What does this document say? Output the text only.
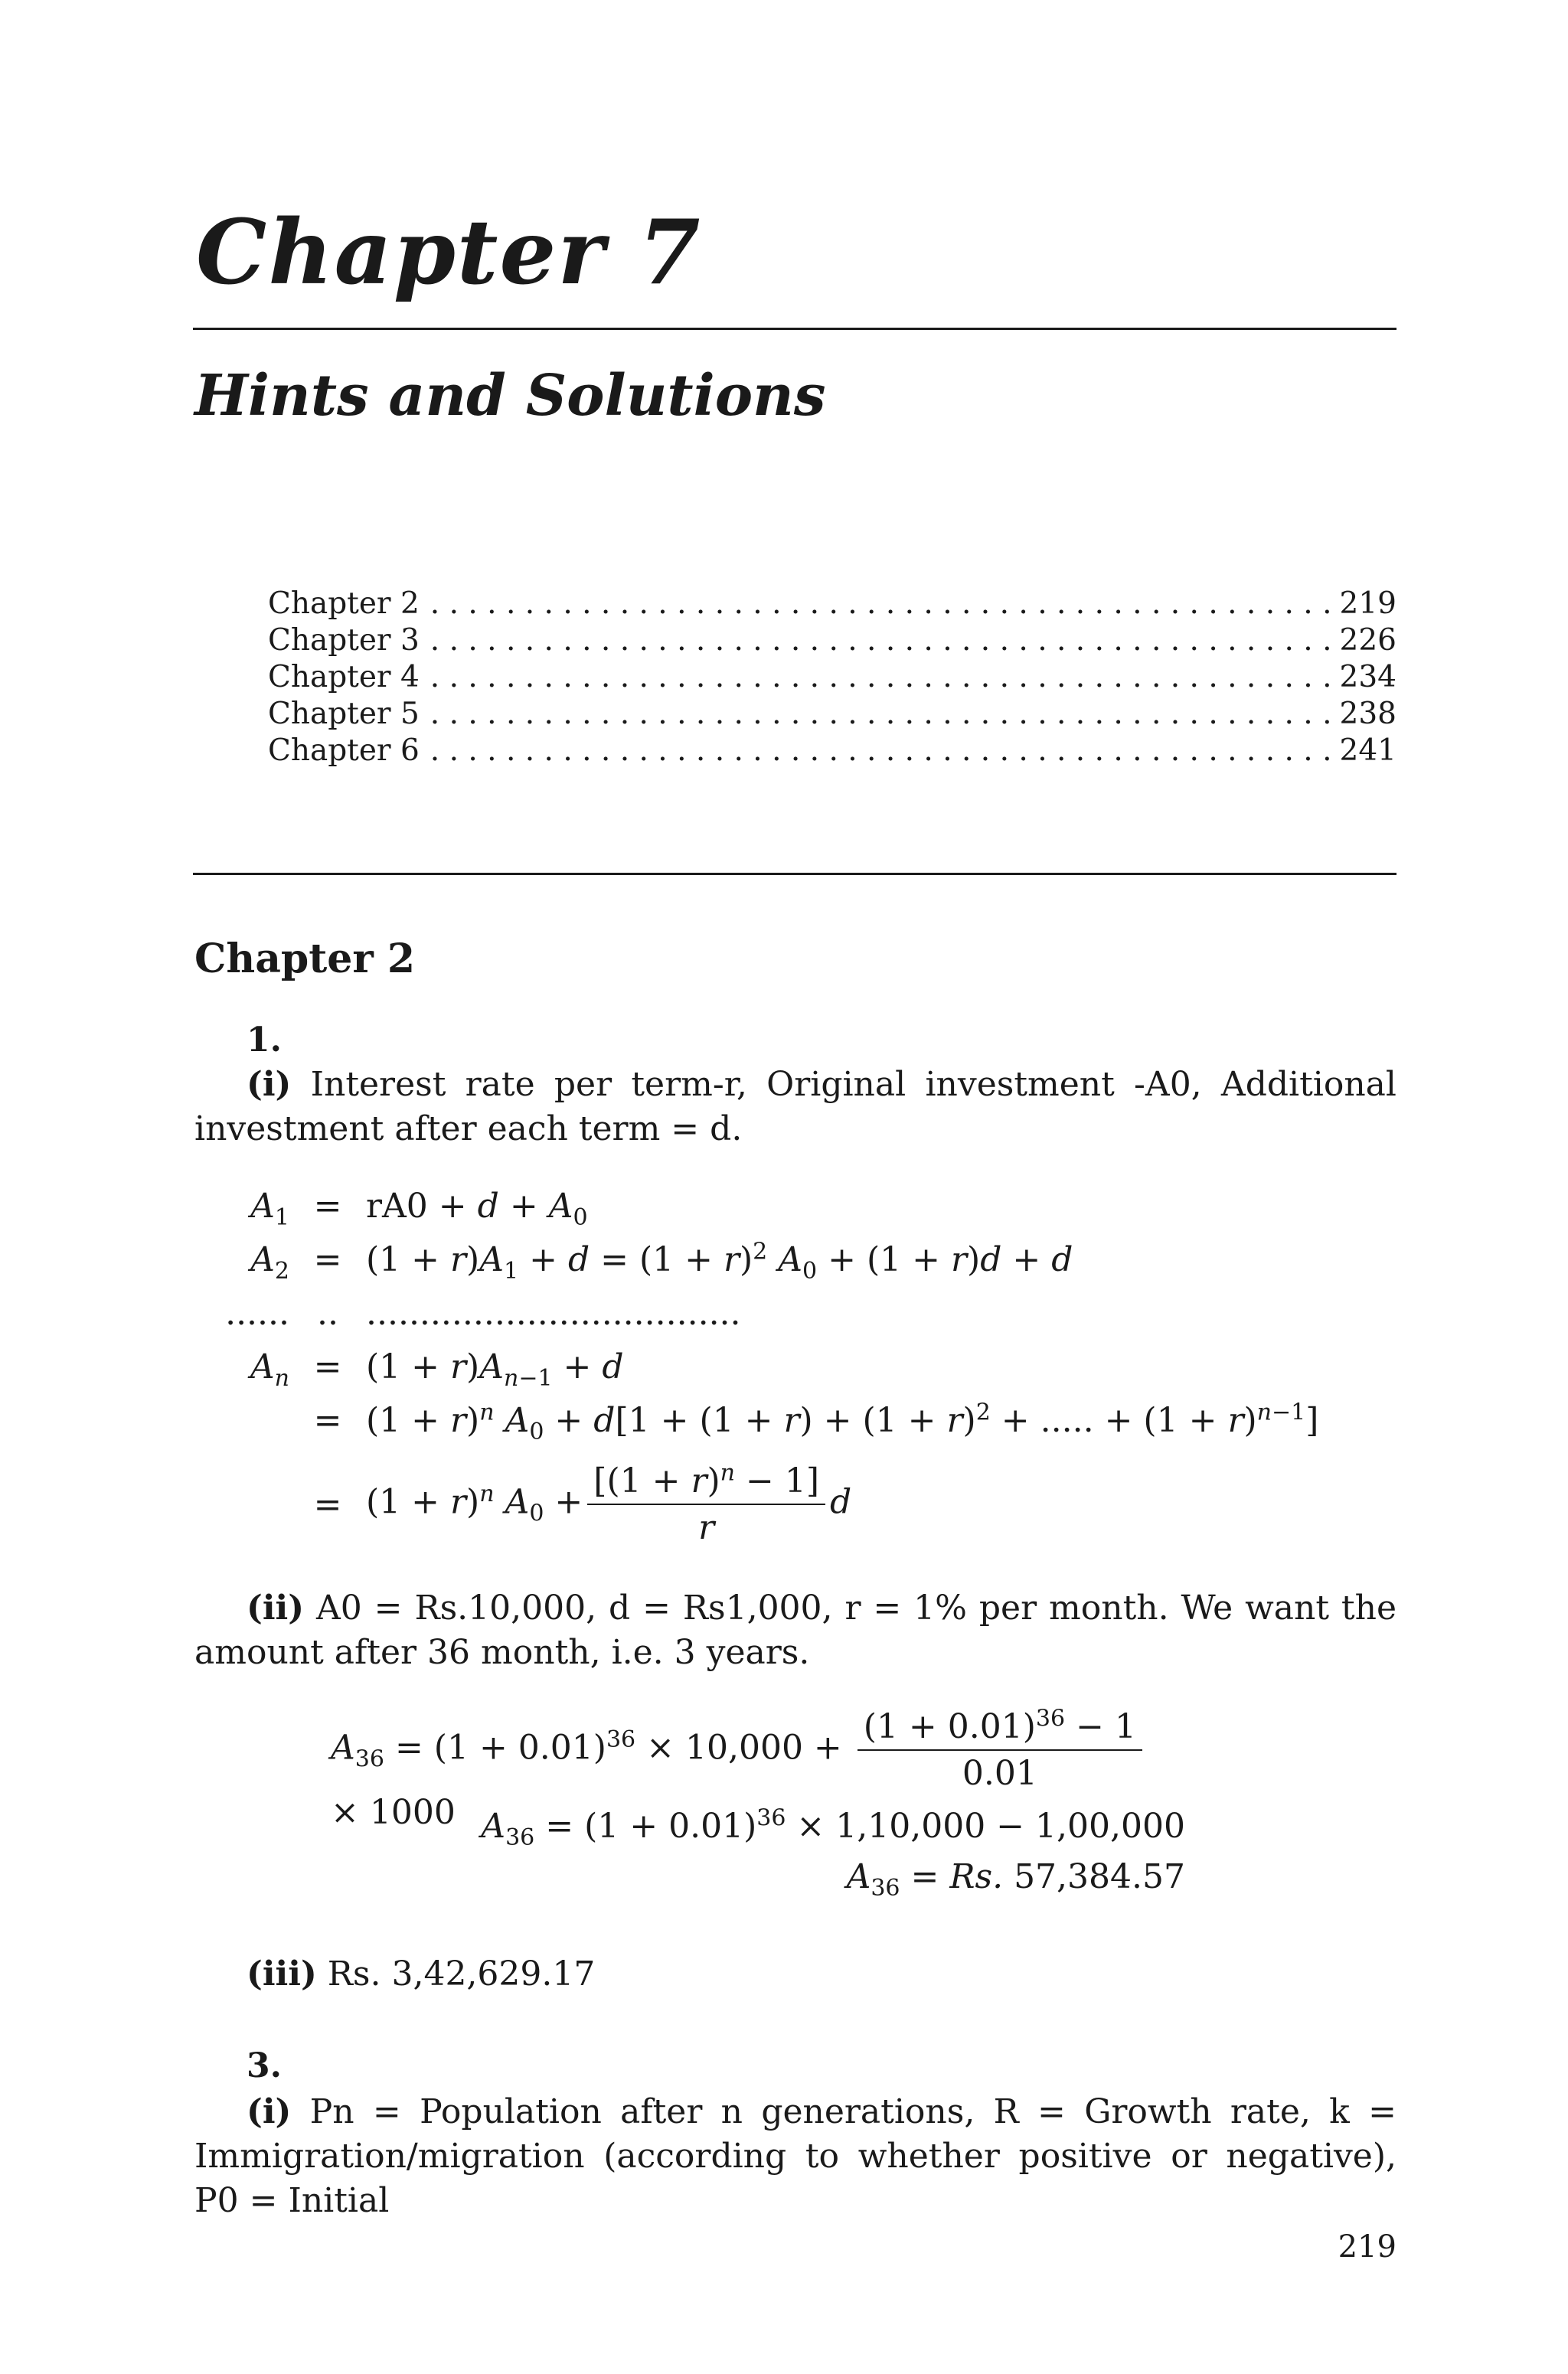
Chapter 7
Hints and Solutions
Chapter 2 . . .	219
Chapter 3 . . .	226
Chapter 4 . . .	234
Chapter 5 . . .	238
Chapter 6 . . .	241
Chapter 2
1.
(i) Interest rate per term-r, Original investment -A0, Additional investment after each term = d.
$A_1 = rA0 + d + A_0$
$A_2 = (1 + r)A_1 + d = (1 + r)^2$ $A_0 + (1 + r)d + d$
...... .. ...................................
$A_n = (1 + r)A_{n-1} + d$
= $(1 + r)^n$ $A_0 + d[1 + (1 + r) + (1 + r)^2$ + ..... + $(1 + r)^{n-1}$]
= $(1 + r)^n$ $A_0 + \frac{[(1 + r)^n - 1]}{r}$ d
(ii) A0 = Rs.10,000, d = Rs1,000, r = 1% per month. We want the amount after 36 month, i.e. 3 years.
$A_{36} = (1 + 0.01)^{36} \times 10,000 + \frac{(1 + 0.01)^{36} - 1}{0.01}$
× 1000 $A_{36} = (1 + 0.01)^{36} \times 1,10,000 - 1,00,000$
$A_{36} = Rs$. 57,384.57
(iii) Rs. 3,42,629.17
3.
(i) Pn = Population after n generations, R = Growth rate, k = Immigration/migration (according to whether positive or negative), P0 = Initial
219
